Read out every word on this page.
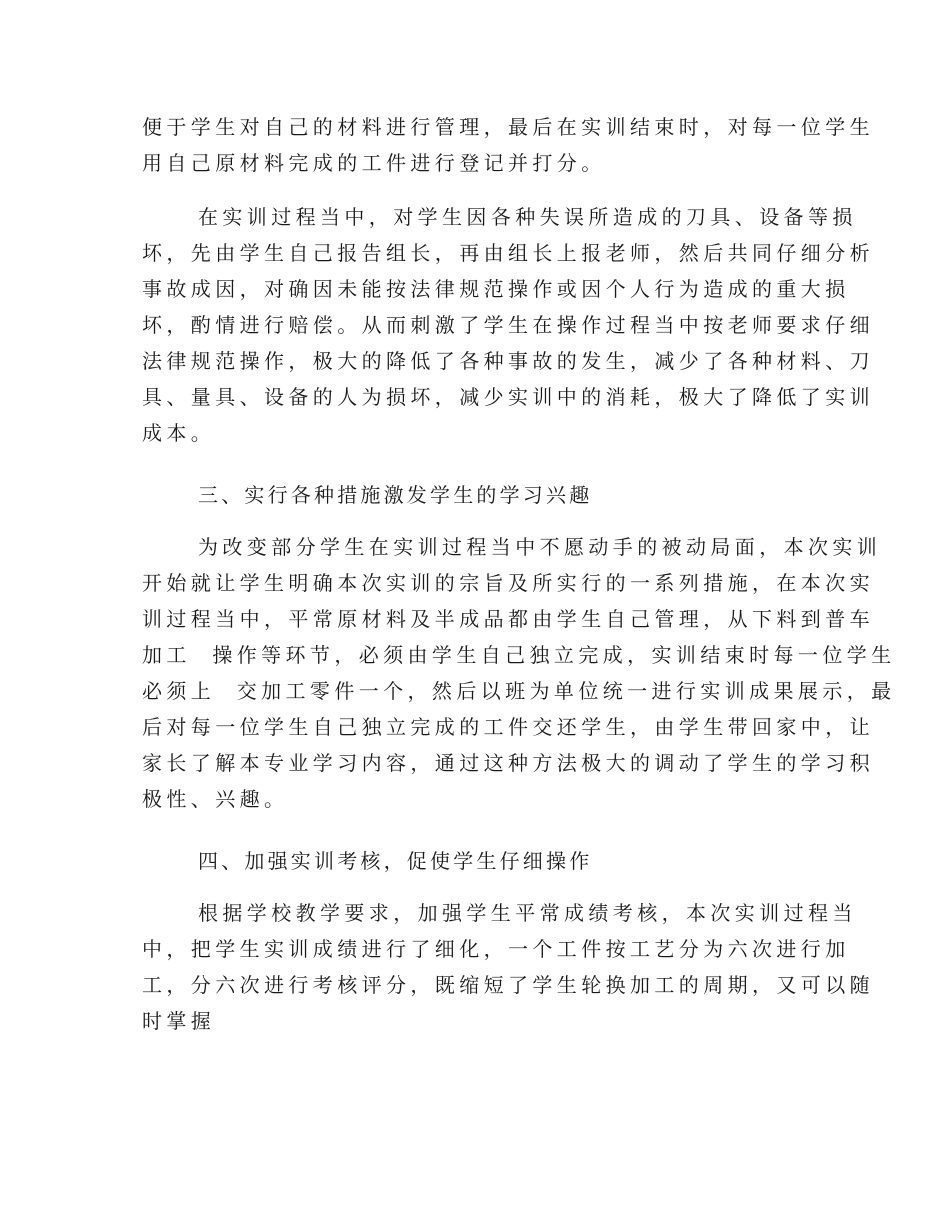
便于学生对自己的材料进行管理，最后在实训结束时，对每一位学生
用自己原材料完成的工件进行登记并打分。
在实训过程当中，对学生因各种失误所造成的刀具、设备等损
坏，先由学生自己报告组长，再由组长上报老师，然后共同仔细分析
事故成因，对确因未能按法律规范操作或因个人行为造成的重大损
坏，酌情进行赔偿。从而刺激了学生在操作过程当中按老师要求仔细
法律规范操作，极大的降低了各种事故的发生，减少了各种材料、刀
具、量具、设备的人为损坏，减少实训中的消耗，极大了降低了实训
成本。
三、实行各种措施激发学生的学习兴趣
为改变部分学生在实训过程当中不愿动手的被动局面，本次实训
开始就让学生明确本次实训的宗旨及所实行的一系列措施，在本次实
训过程当中，平常原材料及半成品都由学生自己管理，从下料到普车
加工  操作等环节，必须由学生自己独立完成，实训结束时每一位学生
必须上  交加工零件一个，然后以班为单位统一进行实训成果展示，最
后对每一位学生自己独立完成的工件交还学生，由学生带回家中，让
家长了解本专业学习内容，通过这种方法极大的调动了学生的学习积
极性、兴趣。
四、加强实训考核，促使学生仔细操作
根据学校教学要求，加强学生平常成绩考核，本次实训过程当
中，把学生实训成绩进行了细化，一个工件按工艺分为六次进行加
工，分六次进行考核评分，既缩短了学生轮换加工的周期，又可以随
时掌握
